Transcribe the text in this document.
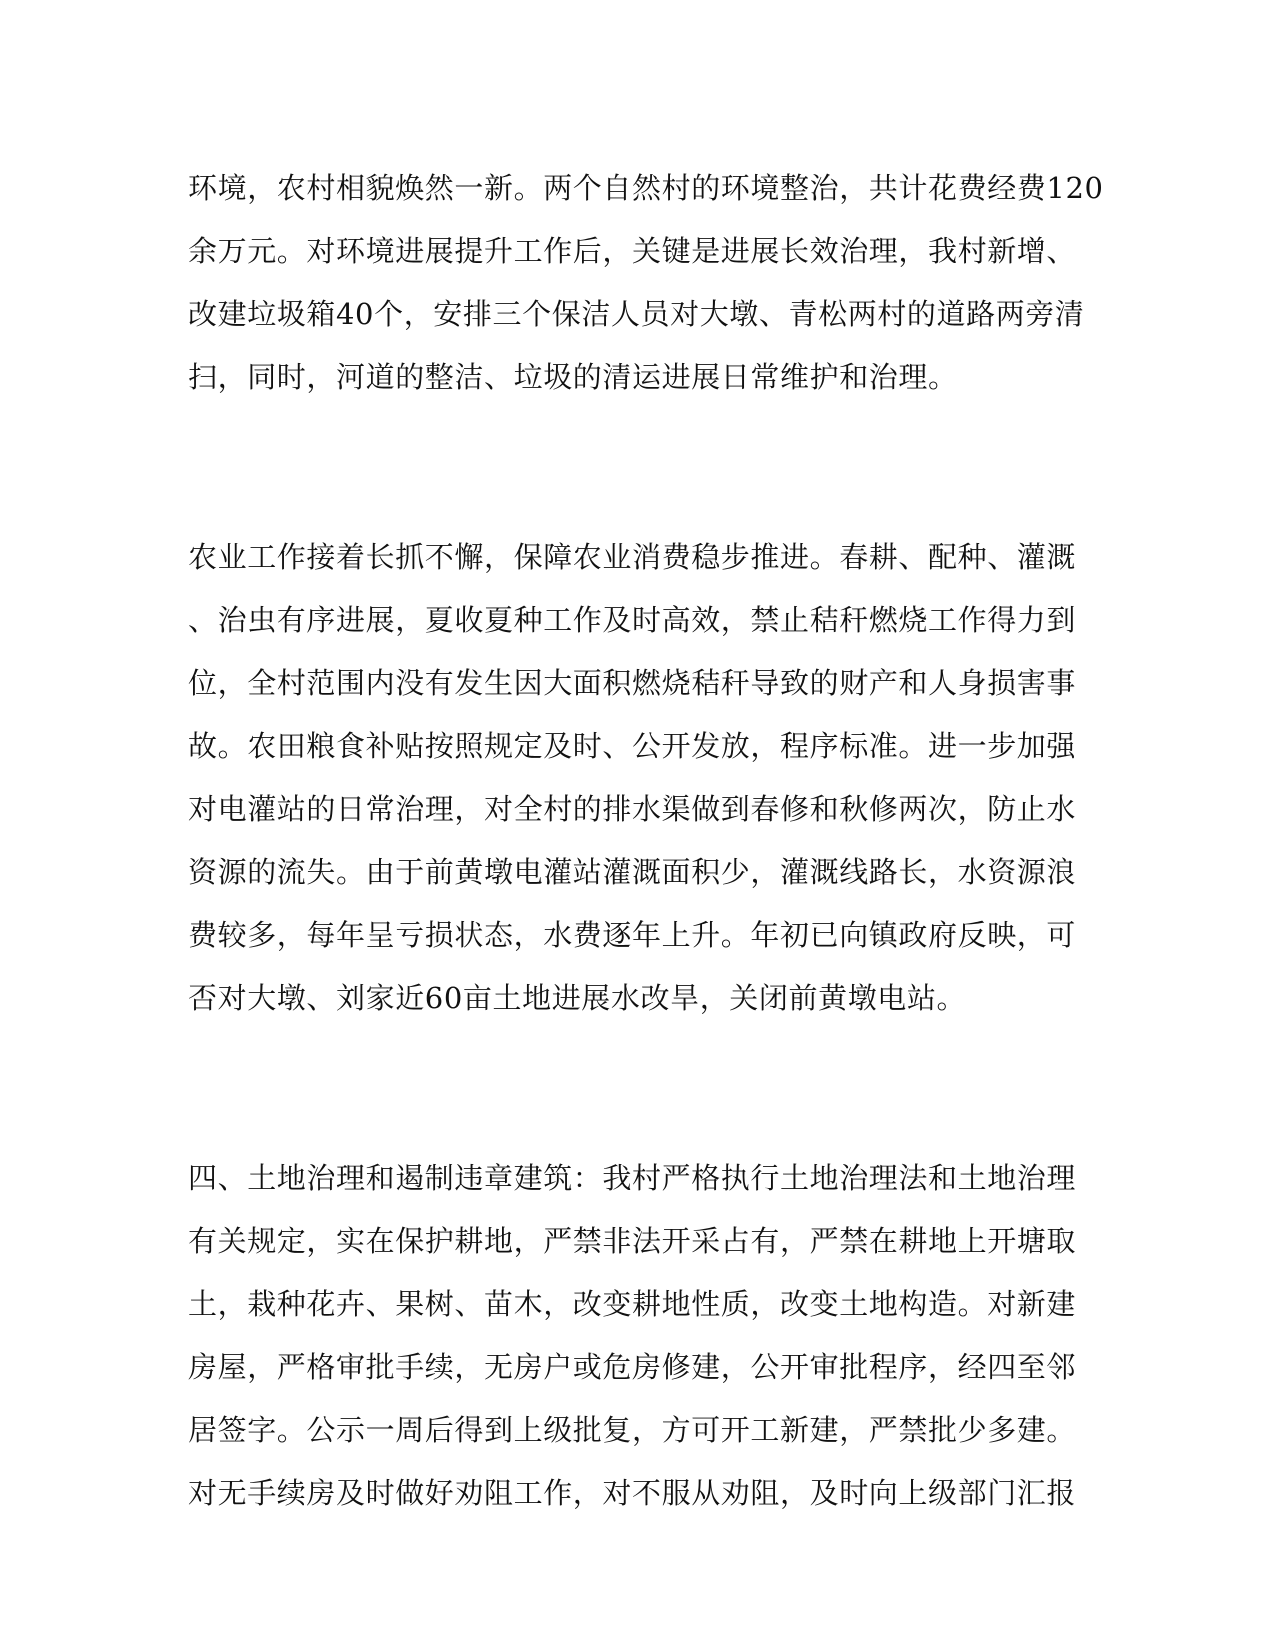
环境，农村相貌焕然一新。两个自然村的环境整治，共计花费经费120
余万元。对环境进展提升工作后，关键是进展长效治理，我村新增、
改建垃圾箱40个，安排三个保洁人员对大墩、青松两村的道路两旁清
扫，同时，河道的整洁、垃圾的清运进展日常维护和治理。
农业工作接着长抓不懈，保障农业消费稳步推进。春耕、配种、灌溉
、治虫有序进展，夏收夏种工作及时高效，禁止秸秆燃烧工作得力到
位，全村范围内没有发生因大面积燃烧秸秆导致的财产和人身损害事
故。农田粮食补贴按照规定及时、公开发放，程序标准。进一步加强
对电灌站的日常治理，对全村的排水渠做到春修和秋修两次，防止水
资源的流失。由于前黄墩电灌站灌溉面积少，灌溉线路长，水资源浪
费较多，每年呈亏损状态，水费逐年上升。年初已向镇政府反映，可
否对大墩、刘家近60亩土地进展水改旱，关闭前黄墩电站。
四、土地治理和遏制违章建筑：我村严格执行土地治理法和土地治理
有关规定，实在保护耕地，严禁非法开采占有，严禁在耕地上开塘取
土，栽种花卉、果树、苗木，改变耕地性质，改变土地构造。对新建
房屋，严格审批手续，无房户或危房修建，公开审批程序，经四至邻
居签字。公示一周后得到上级批复，方可开工新建，严禁批少多建。
对无手续房及时做好劝阻工作，对不服从劝阻，及时向上级部门汇报
